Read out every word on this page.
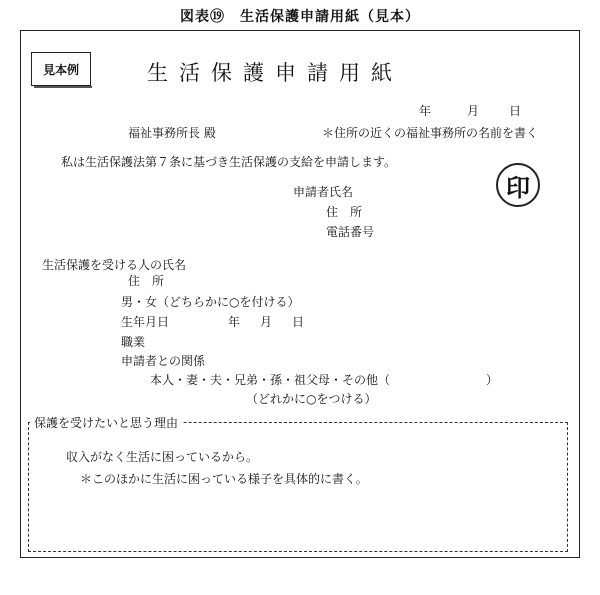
図表⑲　生活保護申請用紙（見本）
見本例	生活保護申請用紙
年	月 日
福祉事務所長 殿	＊住所の近くの福祉事務所の名前を書く
私は生活保護法第７条に基づき生活保護の支給を申請します。
申請者氏名
住　所
電話番号
印
生活保護を受ける人の氏名
住　所
男・女（どちらかに○を付ける）
生年月日	年 月 日
職業
申請者との関係
本人・妻・夫・兄弟・孫・祖父母・その他（　　　　　　　　）
（どれかに○をつける）
保護を受けたいと思う理由
収入がなく生活に困っているから。
＊このほかに生活に困っている様子を具体的に書く。
